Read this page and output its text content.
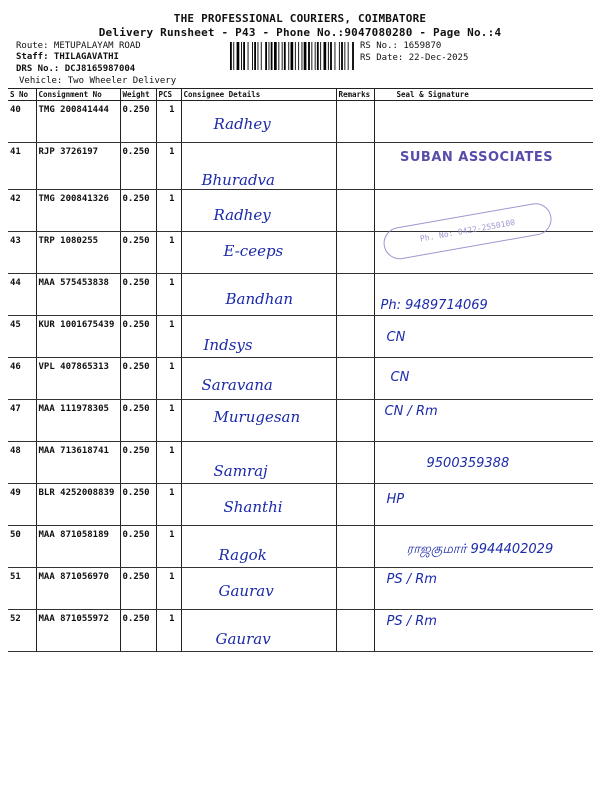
THE PROFESSIONAL COURIERS, COIMBATORE
Delivery Runsheet - P43 - Phone No.:9047080280 - Page No.:4
Route: METUPALAYAM ROAD
Staff: THILAGAVATHI
DRS No.: DCJ8165987004
Vehicle: Two Wheeler Delivery
RS No.: 1659870
RS Date: 22-Dec-2025
S No	Consignment No	Weight	PCS	Consignee Details	Remarks	Seal & Signature
40	TMG 200841444	0.250	1	Radhey		
41	RJP 3726197	0.250	1	Bhuradva		
42	TMG 200841326	0.250	1	Radhey		
43	TRP 1080255	0.250	1	E-ceeps		
44	MAA 575453838	0.250	1	Bandhan		Ph: 9489714069
45	KUR 1001675439	0.250	1	Indsys		CN
46	VPL 407865313	0.250	1	Saravana		CN
47	MAA 111978305	0.250	1	Murugesan		CN / Rm
48	MAA 713618741	0.250	1	Samraj		9500359388
49	BLR 4252008839	0.250	1	Shanthi		HP
50	MAA 871058189	0.250	1	Ragok		ராஜகுமார் 9944402029
51	MAA 871056970	0.250	1	Gaurav		PS / Rm
52	MAA 871055972	0.250	1	Gaurav		PS / Rm
SUBAN ASSOCIATES
Ph. No: 0422-2550100
